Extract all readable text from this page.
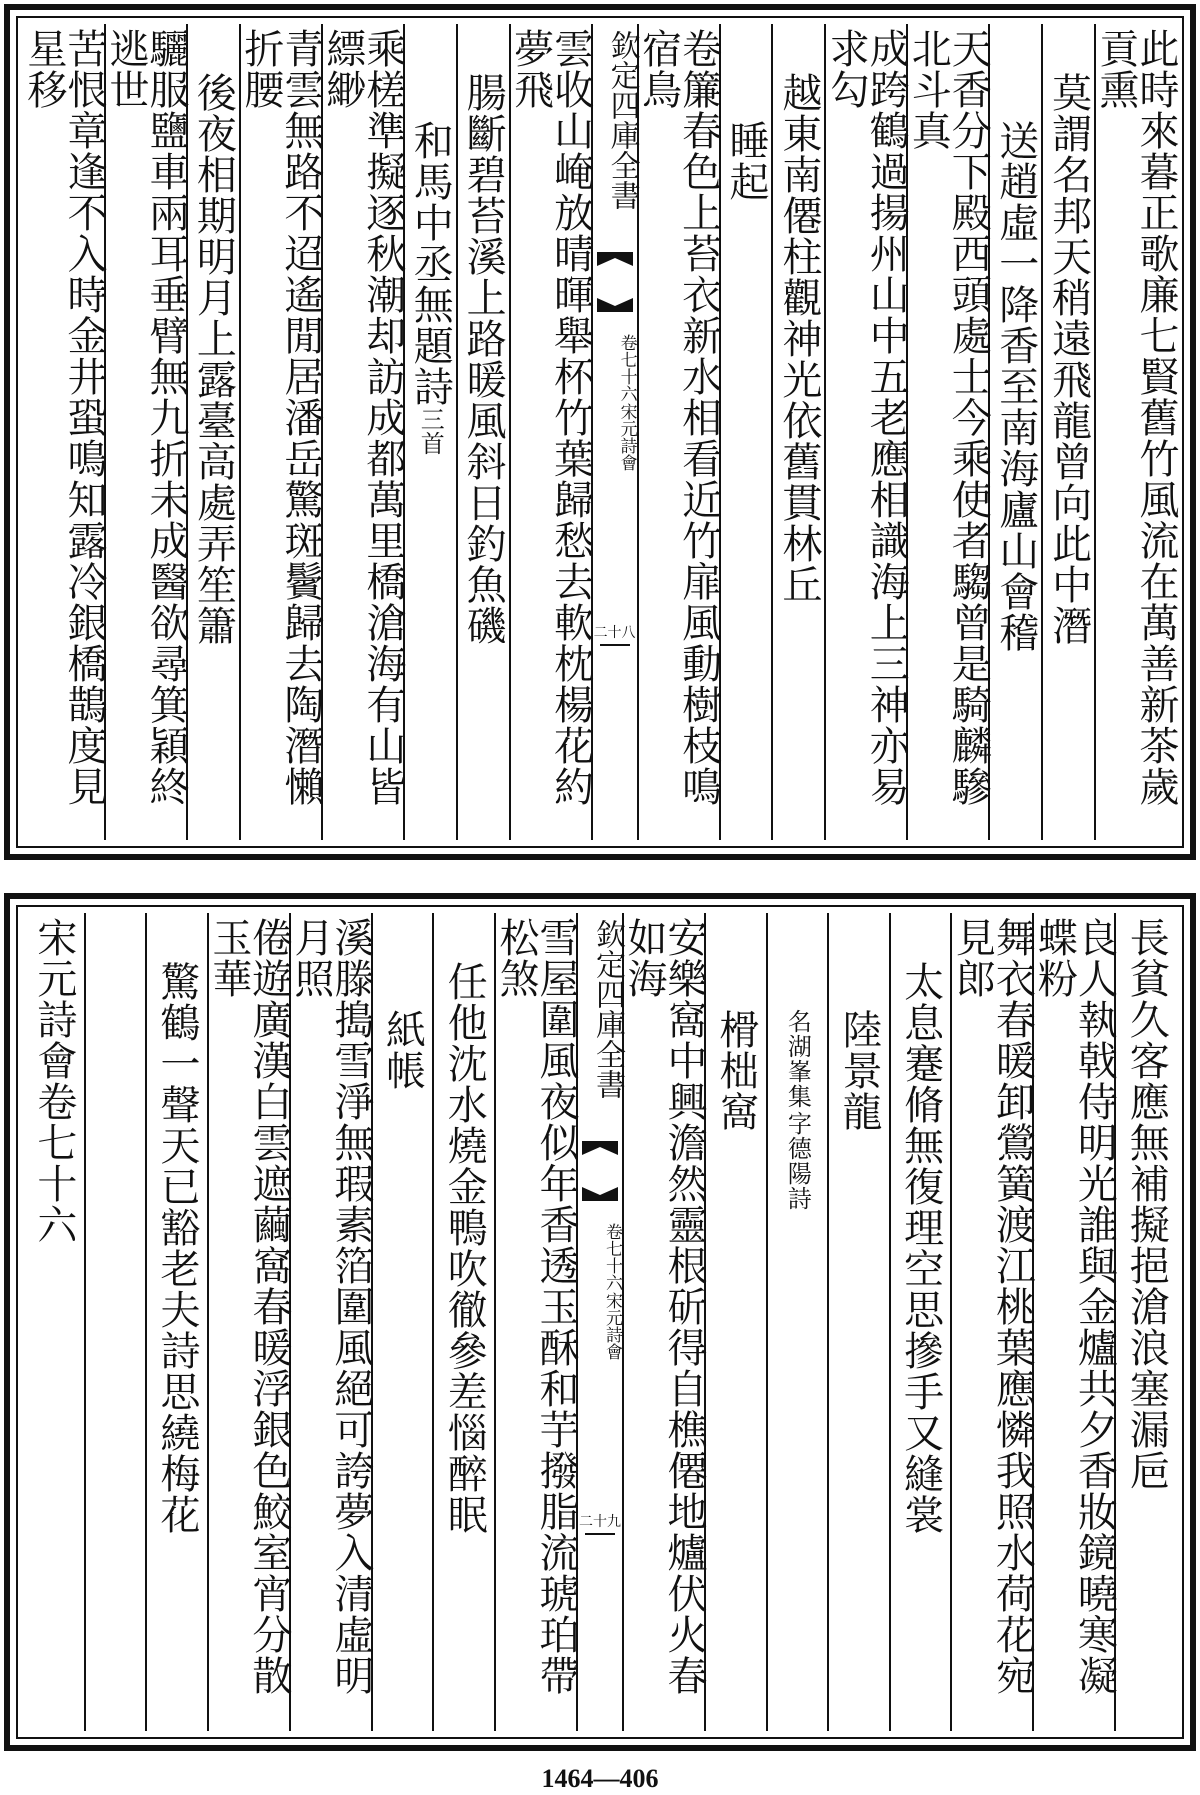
此時來暮正歌廉七賢舊竹風流在萬善新茶歲貢熏
莫謂名邦天稍遠飛龍曾向此中潛
送趙虛一降香至南海廬山會稽
天香分下殿西頭處士今乘使者騶曾是騎麟驂北斗真
成跨鶴過揚州山中五老應相識海上三神亦易求勾
越東南僊柱觀神光依舊貫林丘
睡起
卷簾春色上苔衣新水相看近竹扉風動樹枝鳴宿鳥
欽定四庫全書
宋元詩會
卷七十六
二十八
雲收山崦放晴暉舉杯竹葉歸愁去軟枕楊花約夢飛
腸斷碧苔溪上路暖風斜日釣魚磯
和馬中丞無題詩
三首
乘槎準擬逐秋潮却訪成都萬里橋滄海有山皆縹緲
青雲無路不迢遙閒居潘岳驚斑鬢歸去陶潛懶折腰
後夜相期明月上露臺高處弄笙簫
驪服鹽車兩耳垂臂無九折未成醫欲尋箕穎終逃世
苦恨章逢不入時金井蛩鳴知露冷銀橋鵲度見星移
長貧久客應無補擬挹滄浪塞漏巵
良人執戟侍明光誰與金爐共夕香妝鏡曉寒凝蝶粉
舞衣春暖卸鶯簧渡江桃葉應憐我照水荷花宛見郎
太息蹇脩無復理空思摻手又縫裳
陸景龍
字德陽詩
名湖峯集
榾柮窩
安樂窩中興澹然靈根斫得自樵僊地爐伏火春如海
欽定四庫全書
宋元詩會
卷七十六
二十九
雪屋圍風夜似年香透玉酥和芋撥脂流琥珀帶松煞
任他沈水燒金鴨吹徹參差惱醉眠
紙帳
溪滕搗雪淨無瑕素箔圍風絕可誇夢入清虛明月照
倦遊廣漢白雲遮繭窩春暖浮銀色鮫室宵分散玉華
驚鶴一聲天已豁老夫詩思繞梅花
宋元詩會卷七十六
1464—406
